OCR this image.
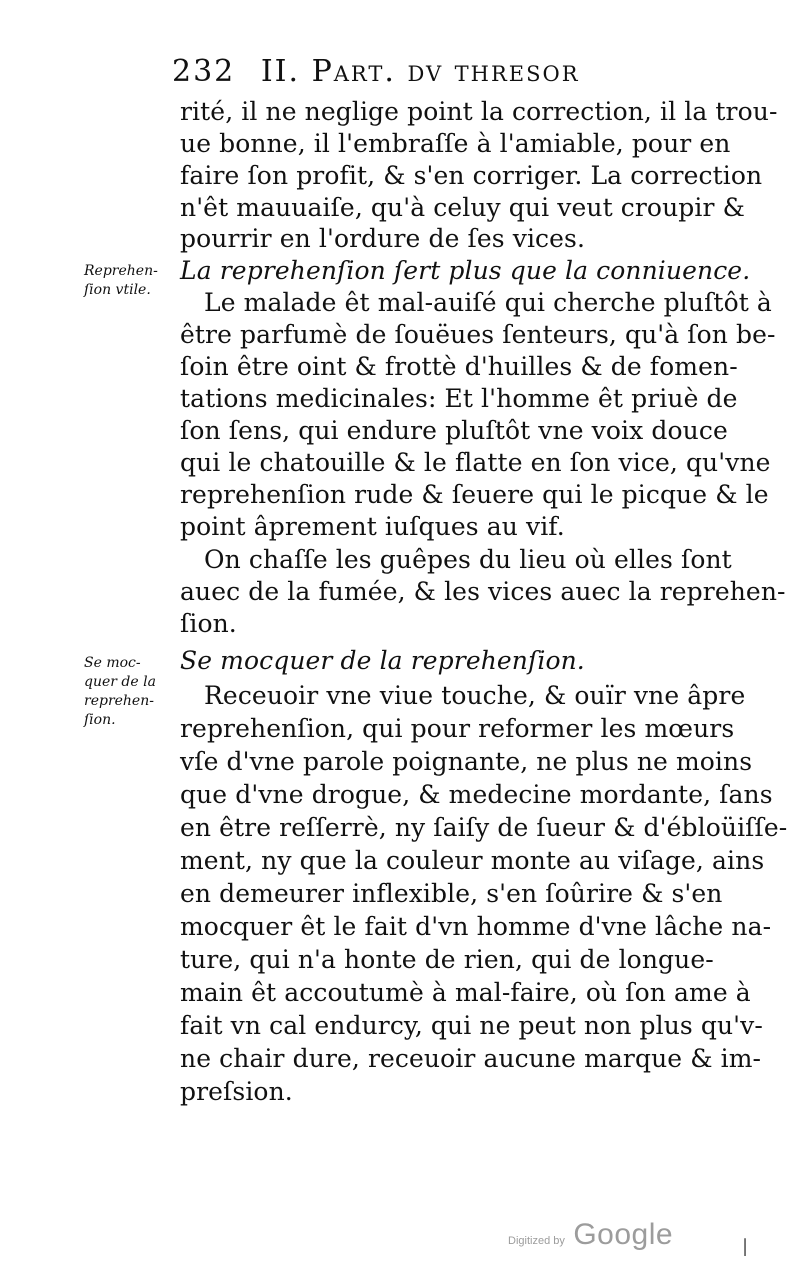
232 II. Part. dv thresor
rité, il ne neglige point la correction, il la trou-
ue bonne, il l'embraſſe à l'amiable, pour en
faire ſon profit, & s'en corriger. La correction
n'êt mauuaiſe, qu'à celuy qui veut croupir &
pourrir en l'ordure de ſes vices.
La reprehenſion ſert plus que la conniuence.
Le malade êt mal-auiſé qui cherche pluſtôt à
être parfumè de ſouëues ſenteurs, qu'à ſon be-
ſoin être oint & frottè d'huilles & de fomen-
tations medicinales: Et l'homme êt priuè de
ſon ſens, qui endure pluſtôt vne voix douce
qui le chatouille & le flatte en ſon vice, qu'vne
reprehenſion rude & ſeuere qui le picque & le
point âprement iuſques au vif.
On chaſſe les guêpes du lieu où elles ſont
auec de la fumée, & les vices auec la reprehen-
ſion.
Se mocquer de la reprehenſion.
Receuoir vne viue touche, & ouïr vne âpre
reprehenſion, qui pour reformer les mœurs
vſe d'vne parole poignante, ne plus ne moins
que d'vne drogue, & medecine mordante, ſans
en être reſſerrè, ny ſaiſy de ſueur & d'ébloüiſſe-
ment, ny que la couleur monte au viſage, ains
en demeurer inflexible, s'en ſoûrire & s'en
mocquer êt le fait d'vn homme d'vne lâche na-
ture, qui n'a honte de rien, qui de longue-
main êt accoutumè à mal-faire, où ſon ame à
fait vn cal endurcy, qui ne peut non plus qu'v-
ne chair dure, receuoir aucune marque & im-
preſsion.
Reprehen-
ſion vtile.
Se moc-
quer de la
reprehen-
ſion.
Digitized by Google	|
